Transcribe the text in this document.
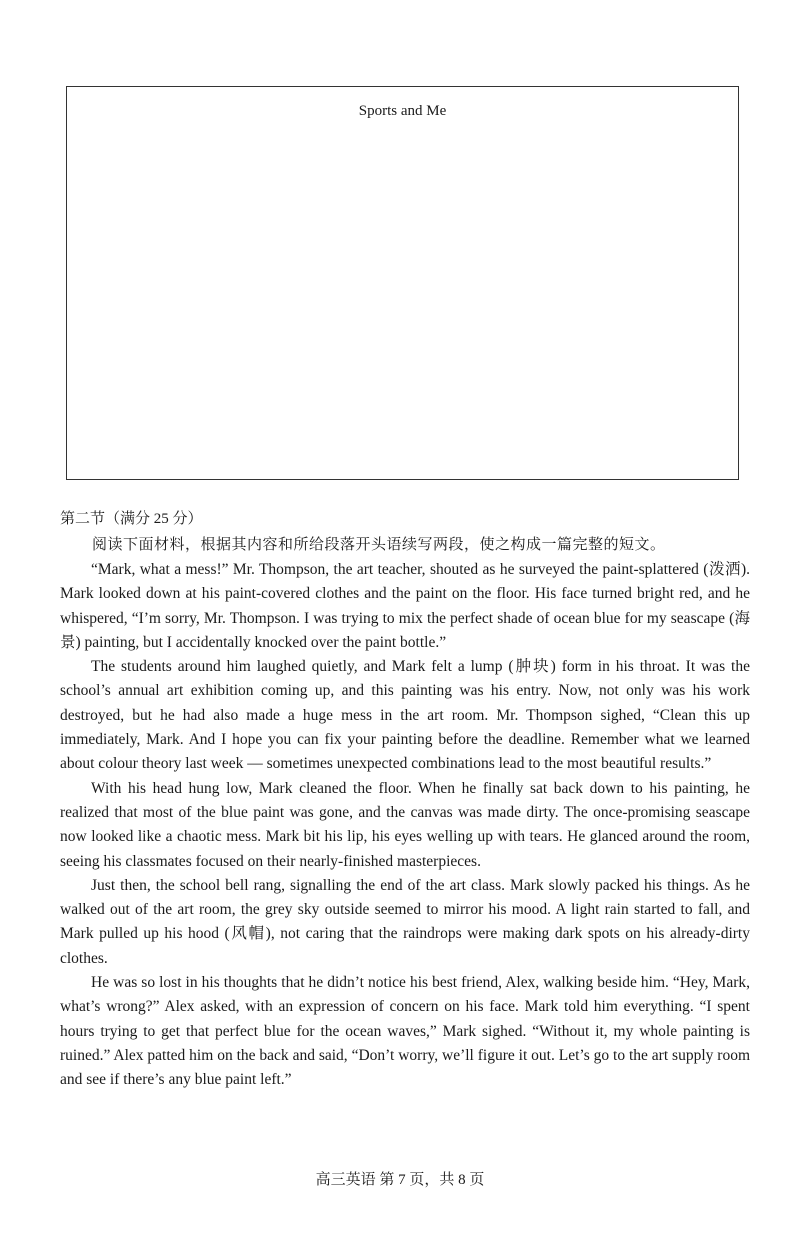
Sports and Me
第二节（满分 25 分）
阅读下面材料，根据其内容和所给段落开头语续写两段，使之构成一篇完整的短文。

“Mark, what a mess!” Mr. Thompson, the art teacher, shouted as he surveyed the paint-splattered (泼洒). Mark looked down at his paint-covered clothes and the paint on the floor. His face turned bright red, and he whispered, “I’m sorry, Mr. Thompson. I was trying to mix the perfect shade of ocean blue for my seascape (海景) painting, but I accidentally knocked over the paint bottle.”

The students around him laughed quietly, and Mark felt a lump (肿块) form in his throat. It was the school’s annual art exhibition coming up, and this painting was his entry. Now, not only was his work destroyed, but he had also made a huge mess in the art room. Mr. Thompson sighed, “Clean this up immediately, Mark. And I hope you can fix your painting before the deadline. Remember what we learned about colour theory last week — sometimes unexpected combinations lead to the most beautiful results.”

With his head hung low, Mark cleaned the floor. When he finally sat back down to his painting, he realized that most of the blue paint was gone, and the canvas was made dirty. The once-promising seascape now looked like a chaotic mess. Mark bit his lip, his eyes welling up with tears. He glanced around the room, seeing his classmates focused on their nearly-finished masterpieces.

Just then, the school bell rang, signalling the end of the art class. Mark slowly packed his things. As he walked out of the art room, the grey sky outside seemed to mirror his mood. A light rain started to fall, and Mark pulled up his hood (风帽), not caring that the raindrops were making dark spots on his already-dirty clothes.

He was so lost in his thoughts that he didn’t notice his best friend, Alex, walking beside him. “Hey, Mark, what’s wrong?” Alex asked, with an expression of concern on his face. Mark told him everything. “I spent hours trying to get that perfect blue for the ocean waves,” Mark sighed. “Without it, my whole painting is ruined.” Alex patted him on the back and said, “Don’t worry, we’ll figure it out. Let’s go to the art supply room and see if there’s any blue paint left.”

高三英语 第 7 页，共 8 页
